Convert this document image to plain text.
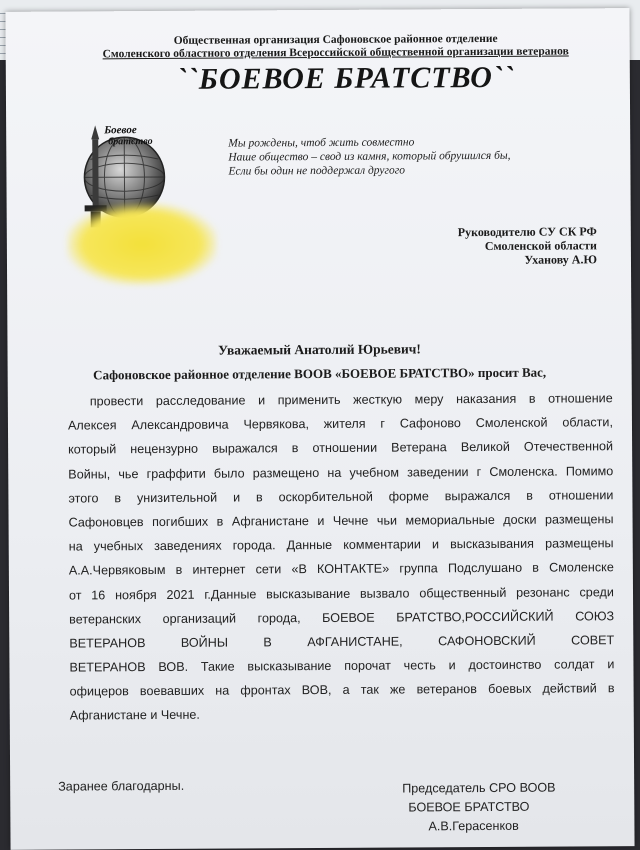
Общественная организация Сафоновское районное отделение
Смоленского областного отделения Всероссийской общественной организации ветеранов
``БОЕВОЕ БРАТСТВО``
Боевое
братство	Мы рождены, чтоб жить совместно
Наше общество – свод из камня, который обрушился бы,
Если бы один не поддержал другого
Руководителю СУ СК РФ
Смоленской области
Уханову А.Ю
Уважаемый Анатолий Юрьевич!
Сафоновское районное отделение ВООВ «БОЕВОЕ БРАТСТВО» просит Вас,
провести расследование и применить жесткую меру наказания в отношение
Алексея Александровича Червякова, жителя г Сафоново Смоленской области,
который нецензурно выражался в отношении Ветерана Великой Отечественной
Войны, чье граффити было размещено на учебном заведении г Смоленска. Помимо
этого в унизительной и в оскорбительной форме выражался в отношении
Сафоновцев погибших в Афганистане и Чечне чьи мемориальные доски размещены
на учебных заведениях города. Данные комментарии и высказывания размещены
А.А.Червяковым в интернет сети «В КОНТАКТЕ» группа Подслушано в Смоленске
от 16 ноября 2021 г.Данные высказывание вызвало общественный резонанс среди
ветеранских организаций города, БОЕВОЕ БРАТСТВО,РОССИЙСКИЙ СОЮЗ
ВЕТЕРАНОВ	ВОЙНЫ	В	АФГАНИСТАНЕ,	САФОНОВСКИЙ	СОВЕТ
ВЕТЕРАНОВ ВОВ. Такие высказывание порочат честь и достоинство солдат и
офицеров воевавших на фронтах ВОВ, а так же ветеранов боевых действий в
Афганистане и Чечне.
Заранее благодарны.	Председатель СРО ВООВ
БОЕВОЕ БРАТСТВО
А.В.Герасенков
